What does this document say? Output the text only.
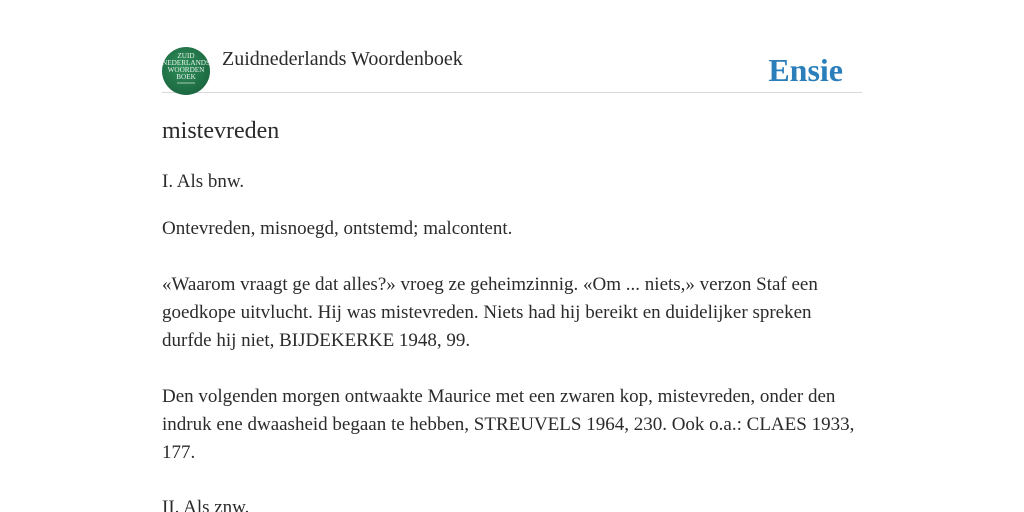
ZUID
NEDERLANDS
WOORDEN
BOEK
Zuidnederlands Woordenboek	Ensie
mistevreden

I. Als bnw.

Ontevreden, misnoegd, ontstemd; malcontent.

«Waarom vraagt ge dat alles?» vroeg ze geheimzinnig. «Om ... niets,» verzon Staf een goedkope uitvlucht. Hij was mistevreden. Niets had hij bereikt en duidelijker spreken durfde hij niet, BIJDEKERKE 1948, 99.

Den volgenden morgen ontwaakte Maurice met een zwaren kop, mistevreden, onder den indruk ene dwaasheid begaan te hebben, STREUVELS 1964, 230. Ook o.a.: CLAES 1933, 177.

II. Als znw.
